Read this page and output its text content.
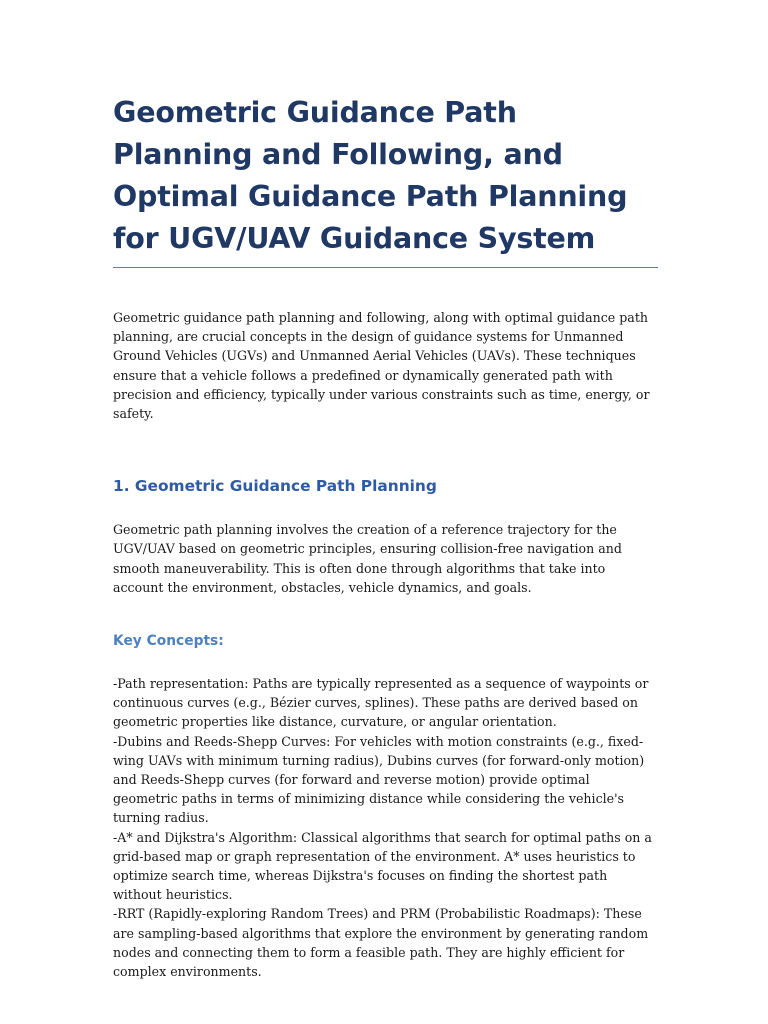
Geometric Guidance Path Planning and Following, and Optimal Guidance Path Planning for UGV/UAV Guidance System

Geometric guidance path planning and following, along with optimal guidance path planning, are crucial concepts in the design of guidance systems for Unmanned Ground Vehicles (UGVs) and Unmanned Aerial Vehicles (UAVs). These techniques ensure that a vehicle follows a predefined or dynamically generated path with precision and efficiency, typically under various constraints such as time, energy, or safety.

1. Geometric Guidance Path Planning

Geometric path planning involves the creation of a reference trajectory for the UGV/UAV based on geometric principles, ensuring collision-free navigation and smooth maneuverability. This is often done through algorithms that take into account the environment, obstacles, vehicle dynamics, and goals.

Key Concepts:

-Path representation: Paths are typically represented as a sequence of waypoints or continuous curves (e.g., Bézier curves, splines). These paths are derived based on geometric properties like distance, curvature, or angular orientation.

-Dubins and Reeds-Shepp Curves: For vehicles with motion constraints (e.g., fixed-wing UAVs with minimum turning radius), Dubins curves (for forward-only motion) and Reeds-Shepp curves (for forward and reverse motion) provide optimal geometric paths in terms of minimizing distance while considering the vehicle's turning radius.

-A* and Dijkstra's Algorithm: Classical algorithms that search for optimal paths on a grid-based map or graph representation of the environment. A* uses heuristics to optimize search time, whereas Dijkstra's focuses on finding the shortest path without heuristics.

-RRT (Rapidly-exploring Random Trees) and PRM (Probabilistic Roadmaps): These are sampling-based algorithms that explore the environment by generating random nodes and connecting them to form a feasible path. They are highly efficient for complex environments.
